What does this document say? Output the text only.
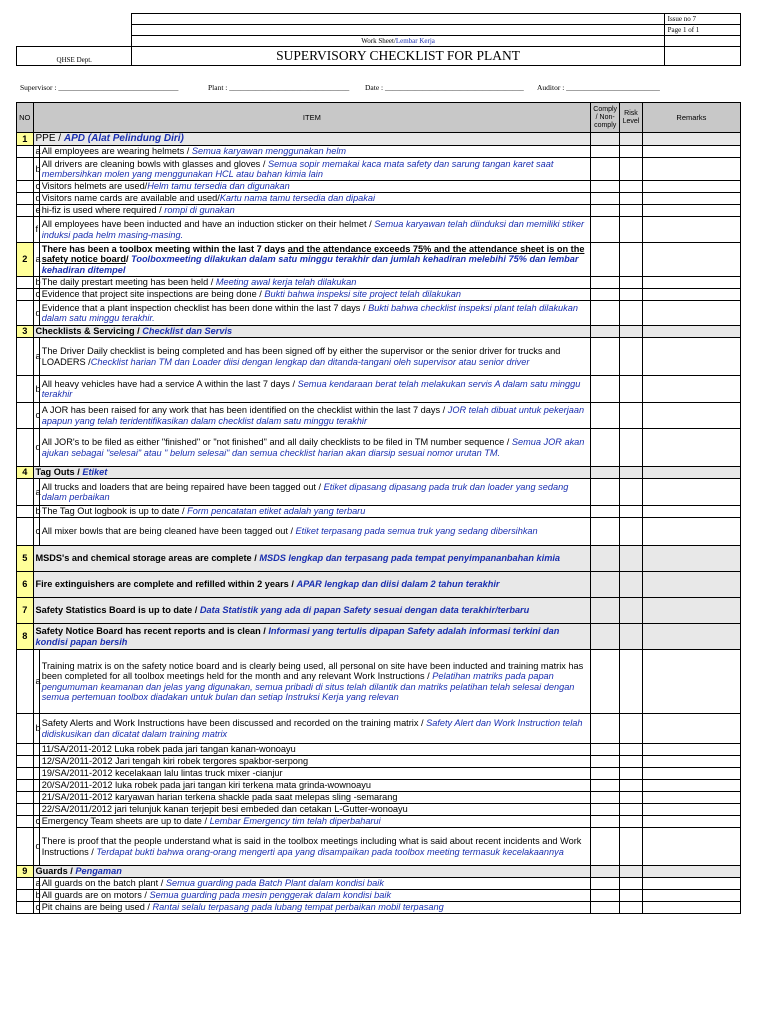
		Issue no 7
		Page 1 of 1
	Work Sheet/Lembar Kerja	
QHSE Dept.	SUPERVISORY CHECKLIST FOR PLANT	
Supervisor : ________________________________	Plant : ________________________________ Date : _____________________________________ Auditor : _________________________
NO	ITEM		Comply / Non-comply	Risk Level	Remarks
1	PPE / APD (Alat Pelindung Diri)				
	a	All employees are wearing helmets / Semua karyawan menggunakan helm			
	b	All drivers are cleaning bowls with glasses and gloves / Semua sopir memakai kaca mata safety dan sarung tangan karet saat membersihkan molen yang menggunakan HCL atau bahan kimia lain			
	c	Visitors helmets are used/Helm tamu tersedia dan digunakan			
	d	Visitors name cards are available and used/Kartu nama tamu tersedia dan dipakai			
	e	hi-fiz is used where required / rompi di gunakan			
	f	All employees have been inducted and have an induction sticker on their helmet / Semua karyawan telah diinduksi dan memiliki stiker induksi pada helm masing-masing.			
2	a	There has been a toolbox meeting within the last 7 days and the attendance exceeds 75% and the attendance sheet is on the safety notice board/ Toolboxmeeting dilakukan dalam satu minggu terakhir dan jumlah kehadiran melebihi 75% dan lembar kehadiran ditempel			
	b	The daily prestart meeting has been held / Meeting awal kerja telah dilakukan			
	c	Evidence that project site inspections are being done / Bukti bahwa inspeksi site project telah dilakukan			
	d	Evidence that a plant inspection checklist has been done within the last 7 days / Bukti bahwa checklist inspeksi plant telah dilakukan dalam satu minggu terakhir.			
3	Checklists & Servicing / Checklist dan Servis				
	a	The Driver Daily checklist is being completed and has been signed off by either the supervisor or the senior driver for trucks and LOADERS /Checklist harian TM dan Loader diisi dengan lengkap dan ditanda-tangani oleh supervisor atau senior driver			
	b	All heavy vehicles have had a service A within the last 7 days / Semua kendaraan berat telah melakukan servis A dalam satu minggu terakhir			
	c	A JOR has been raised for any work that has been identified on the checklist within the last 7 days / JOR telah dibuat untuk pekerjaan apapun yang telah teridentifikasikan dalam checklist dalam satu minggu terakhir			
	d	All JOR's to be filed as either "finished" or "not finished" and all daily checklists to be filed in TM number sequence / Semua JOR akan ajukan sebagai "selesai" atau " belum selesai" dan semua checklist harian akan diarsip sesuai nomor urutan TM.			
4	Tag Outs / Etiket				
	a	All trucks and loaders that are being repaired have been tagged out / Etiket dipasang dipasang pada truk dan loader yang sedang dalam perbaikan			
	b	The Tag Out logbook is up to date / Form pencatatan etiket adalah yang terbaru			
	c	All mixer bowls that are being cleaned have been tagged out / Etiket terpasang pada semua truk yang sedang dibersihkan			
5	MSDS's and chemical storage areas are complete / MSDS lengkap dan terpasang pada tempat penyimpananbahan kimia				
6	Fire extinguishers are complete and refilled within 2 years / APAR lengkap dan diisi dalam 2 tahun terakhir				
7	Safety Statistics Board is up to date / Data Statistik yang ada di papan Safety sesuai dengan data terakhir/terbaru				
8	Safety Notice Board has recent reports and is clean / Informasi yang tertulis dipapan Safety adalah informasi terkini dan kondisi papan bersih				
	a	Training matrix is on the safety notice board and is clearly being used, all personal on site have been inducted and training matrix has been completed for all toolbox meetings held for the month and any relevant Work Instructions / Pelatihan matriks pada papan pengumuman keamanan dan jelas yang digunakan, semua pribadi di situs telah dilantik dan matriks pelatihan telah selesai dengan semua pertemuan toolbox diadakan untuk bulan dan setiap Instruksi Kerja yang relevan			
	b	Safety Alerts and Work Instructions have been discussed and recorded on the training matrix / Safety Alert dan Work Instruction telah didiskusikan dan dicatat dalam training matrix			
		11/SA/2011-2012 Luka robek pada jari tangan kanan-wonoayu			
		12/SA/2011-2012 Jari tengah kiri robek tergores spakbor-serpong			
		19/SA/2011-2012 kecelakaan lalu lintas truck mixer -cianjur			
		20/SA/2011-2012 luka robek pada jari tangan kiri terkena mata grinda-wownoayu			
		21/SA/2011-2012 karyawan harian terkena shackle pada saat melepas sling -semarang			
		22/SA/2011/2012 jari telunjuk kanan terjepit besi embeded dan cetakan L-Gutter-wonoayu			
	c	Emergency Team sheets are up to date / Lembar Emergency tim telah diperbaharui			
	d	There is proof that the people understand what is said in the toolbox meetings including what is said about recent incidents and Work Instructions / Terdapat bukti bahwa orang-orang mengerti apa yang disampaikan pada toolbox meeting termasuk kecelakaannya			
9	Guards / Pengaman				
	a	All guards on the batch plant / Semua guarding pada Batch Plant dalam kondisi baik			
	b	All guards are on motors / Semua guarding pada mesin penggerak dalam kondisi baik			
	c	Pit chains are being used / Rantai selalu terpasang pada lubang tempat perbaikan mobil terpasang			
